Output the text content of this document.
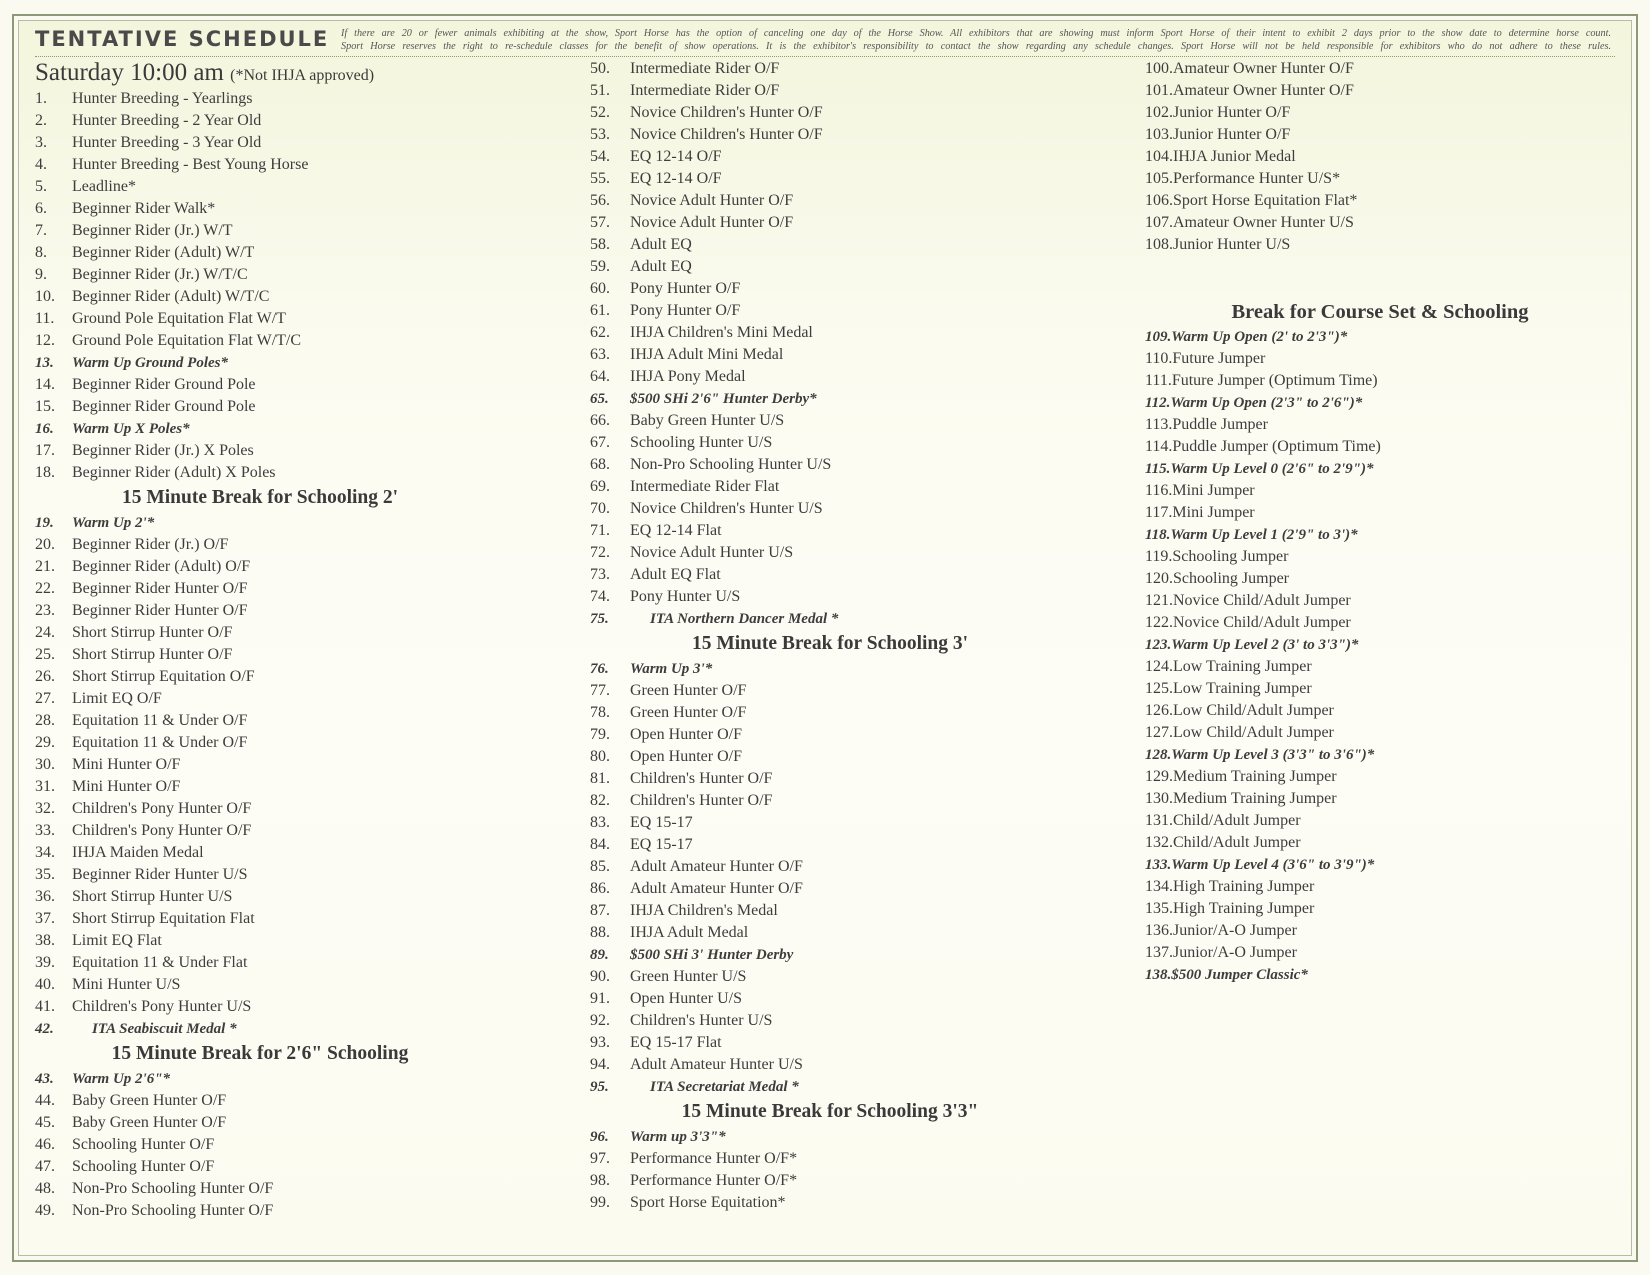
TENTATIVE SCHEDULE If there are 20 or fewer animals exhibiting at the show, Sport Horse has the option of canceling one day of the Horse Show. All exhibitors that are showing must inform Sport Horse of their intent to exhibit 2 days prior to the show date to determine horse count.
Sport Horse reserves the right to re-schedule classes for the benefit of show operations. It is the exhibitor's responsibility to contact the show regarding any schedule changes. Sport Horse will not be held responsible for exhibitors who do not adhere to these rules.
Saturday 10:00 am (*Not IHJA approved)
1.	Hunter Breeding - Yearlings
2.	Hunter Breeding - 2 Year Old
3.	Hunter Breeding - 3 Year Old
4.	Hunter Breeding - Best Young Horse
5.	Leadline*
6.	Beginner Rider Walk*
7.	Beginner Rider (Jr.) W/T
8.	Beginner Rider (Adult) W/T
9.	Beginner Rider (Jr.) W/T/C
10.	Beginner Rider (Adult) W/T/C
11.	Ground Pole Equitation Flat W/T
12.	Ground Pole Equitation Flat W/T/C
13.	Warm Up Ground Poles*
14.	Beginner Rider Ground Pole
15.	Beginner Rider Ground Pole
16.	Warm Up X Poles*
17.	Beginner Rider (Jr.) X Poles
18.	Beginner Rider (Adult) X Poles
15 Minute Break for Schooling 2'
19.	Warm Up 2'*
20.	Beginner Rider (Jr.) O/F
21.	Beginner Rider (Adult) O/F
22.	Beginner Rider Hunter O/F
23.	Beginner Rider Hunter O/F
24.	Short Stirrup Hunter O/F
25.	Short Stirrup Hunter O/F
26.	Short Stirrup Equitation O/F
27.	Limit EQ O/F
28.	Equitation 11 & Under O/F
29.	Equitation 11 & Under O/F
30.	Mini Hunter O/F
31.	Mini Hunter O/F
32.	Children's Pony Hunter O/F
33.	Children's Pony Hunter O/F
34.	IHJA Maiden Medal
35.	Beginner Rider Hunter U/S
36.	Short Stirrup Hunter U/S
37.	Short Stirrup Equitation Flat
38.	Limit EQ Flat
39.	Equitation 11 & Under Flat
40.	Mini Hunter U/S
41.	Children's Pony Hunter U/S
42.	ITA Seabiscuit Medal *
15 Minute Break for 2'6" Schooling
43.	Warm Up 2'6"*
44.	Baby Green Hunter O/F
45.	Baby Green Hunter O/F
46.	Schooling Hunter O/F
47.	Schooling Hunter O/F
48.	Non-Pro Schooling Hunter O/F
49.	Non-Pro Schooling Hunter O/F
50.	Intermediate Rider O/F
51.	Intermediate Rider O/F
52.	Novice Children's Hunter O/F
53.	Novice Children's Hunter O/F
54.	EQ 12-14 O/F
55.	EQ 12-14 O/F
56.	Novice Adult Hunter O/F
57.	Novice Adult Hunter O/F
58.	Adult EQ
59.	Adult EQ
60.	Pony Hunter O/F
61.	Pony Hunter O/F
62.	IHJA Children's Mini Medal
63.	IHJA Adult Mini Medal
64.	IHJA Pony Medal
65.	$500 SHi 2'6" Hunter Derby*
66.	Baby Green Hunter U/S
67.	Schooling Hunter U/S
68.	Non-Pro Schooling Hunter U/S
69.	Intermediate Rider Flat
70.	Novice Children's Hunter U/S
71.	EQ 12-14 Flat
72.	Novice Adult Hunter U/S
73.	Adult EQ Flat
74.	Pony Hunter U/S
75.	ITA Northern Dancer Medal *
15 Minute Break for Schooling 3'
76.	Warm Up 3'*
77.	Green Hunter O/F
78.	Green Hunter O/F
79.	Open Hunter O/F
80.	Open Hunter O/F
81.	Children's Hunter O/F
82.	Children's Hunter O/F
83.	EQ 15-17
84.	EQ 15-17
85.	Adult Amateur Hunter O/F
86.	Adult Amateur Hunter O/F
87.	IHJA Children's Medal
88.	IHJA Adult Medal
89.	$500 SHi 3' Hunter Derby
90.	Green Hunter U/S
91.	Open Hunter U/S
92.	Children's Hunter U/S
93.	EQ 15-17 Flat
94.	Adult Amateur Hunter U/S
95.	ITA Secretariat Medal *
15 Minute Break for Schooling 3'3"
96.	Warm up 3'3"*
97.	Performance Hunter O/F*
98.	Performance Hunter O/F*
99.	Sport Horse Equitation*
100. Amateur Owner Hunter O/F
101. Amateur Owner Hunter O/F
102. Junior Hunter O/F
103. Junior Hunter O/F
104. IHJA Junior Medal
105. Performance Hunter U/S*
106. Sport Horse Equitation Flat*
107. Amateur Owner Hunter U/S
108. Junior Hunter U/S
Break for Course Set & Schooling
109. Warm Up Open (2' to 2'3")*
110. Future Jumper
111. Future Jumper (Optimum Time)
112. Warm Up Open (2'3" to 2'6")*
113. Puddle Jumper
114. Puddle Jumper (Optimum Time)
115. Warm Up Level 0 (2'6" to 2'9")*
116. Mini Jumper
117. Mini Jumper
118. Warm Up Level 1 (2'9" to 3')*
119. Schooling Jumper
120. Schooling Jumper
121. Novice Child/Adult Jumper
122. Novice Child/Adult Jumper
123. Warm Up Level 2 (3' to 3'3")*
124. Low Training Jumper
125. Low Training Jumper
126. Low Child/Adult Jumper
127. Low Child/Adult Jumper
128. Warm Up Level 3 (3'3" to 3'6")*
129. Medium Training Jumper
130. Medium Training Jumper
131. Child/Adult Jumper
132. Child/Adult Jumper
133. Warm Up Level 4 (3'6" to 3'9")*
134. High Training Jumper
135. High Training Jumper
136. Junior/A-O Jumper
137. Junior/A-O Jumper
138. $500 Jumper Classic*
